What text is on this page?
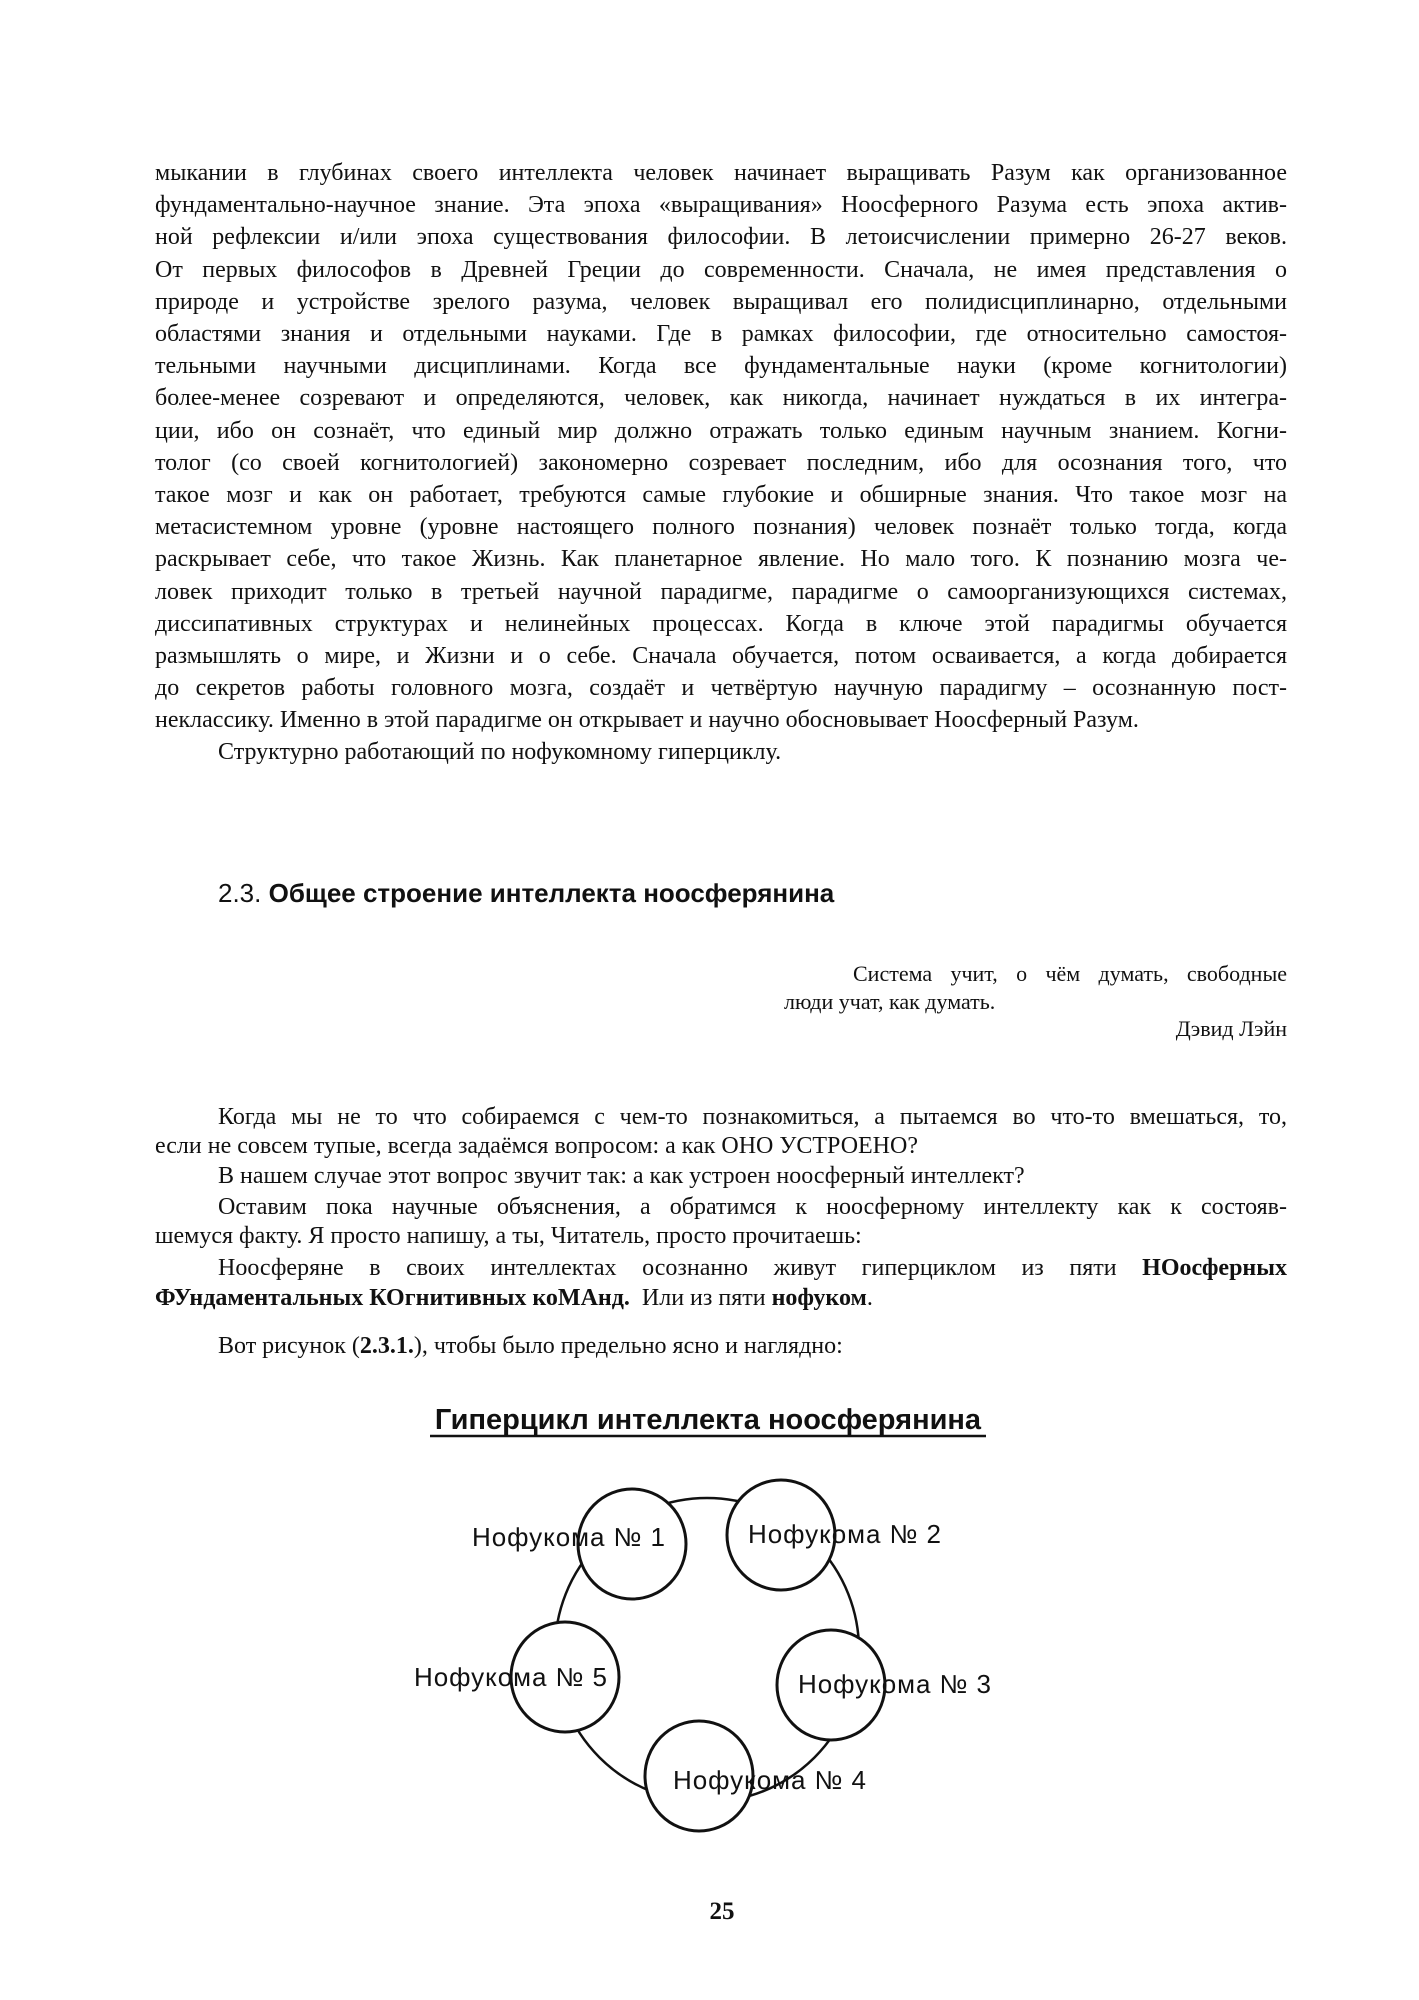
мыкании в глубинах своего интеллекта человек начинает выращивать Разум как организованное
фундаментально-научное знание. Эта эпоха «выращивания» Ноосферного Разума есть эпоха актив-
ной рефлексии и/или эпоха существования философии. В летоисчислении примерно 26-27 веков.
От первых философов в Древней Греции до современности. Сначала, не имея представления о
природе и устройстве зрелого разума, человек выращивал его полидисциплинарно, отдельными
областями знания и отдельными науками. Где в рамках философии, где относительно самостоя-
тельными научными дисциплинами. Когда все фундаментальные науки (кроме когнитологии)
более-менее созревают и определяются, человек, как никогда, начинает нуждаться в их интегра-
ции, ибо он сознаёт, что единый мир должно отражать только единым научным знанием. Когни-
толог (со своей когнитологией) закономерно созревает последним, ибо для осознания того, что
такое мозг и как он работает, требуются самые глубокие и обширные знания. Что такое мозг на
метасистемном уровне (уровне настоящего полного познания) человек познаёт только тогда, когда
раскрывает себе, что такое Жизнь. Как планетарное явление. Но мало того. К познанию мозга че-
ловек приходит только в третьей научной парадигме, парадигме о самоорганизующихся системах,
диссипативных структурах и нелинейных процессах. Когда в ключе этой парадигмы обучается
размышлять о мире, и Жизни и о себе. Сначала обучается, потом осваивается, а когда добирается
до секретов работы головного мозга, создаёт и четвёртую научную парадигму – осознанную пост-
неклассику. Именно в этой парадигме он открывает и научно обосновывает Ноосферный Разум.
Структурно работающий по нофукомному гиперциклу.
2.3. Общее строение интеллекта ноосферянина
Система учит, о чём думать, свободные
люди учат, как думать.
Дэвид Лэйн
Когда мы не то что собираемся с чем-то познакомиться, а пытаемся во что-то вмешаться, то,
если не совсем тупые, всегда задаёмся вопросом: а как ОНО УСТРОЕНО?
В нашем случае этот вопрос звучит так: а как устроен ноосферный интеллект?
Оставим пока научные объяснения, а обратимся к ноосферному интеллекту как к состояв-
шемуся факту. Я просто напишу, а ты, Читатель, просто прочитаешь:
Ноосферяне в своих интеллектах осознанно живут гиперциклом из пяти НОосферных
ФУндаментальных КОгнитивных коМАнд.  Или из пяти нофуком.
Вот рисунок (2.3.1.), чтобы было предельно ясно и наглядно:
Гиперцикл интеллекта ноосферянина
Нофукома № 1	Нофукома № 2
Нофукома № 3
Нофукома № 4
Нофукома № 5
25
